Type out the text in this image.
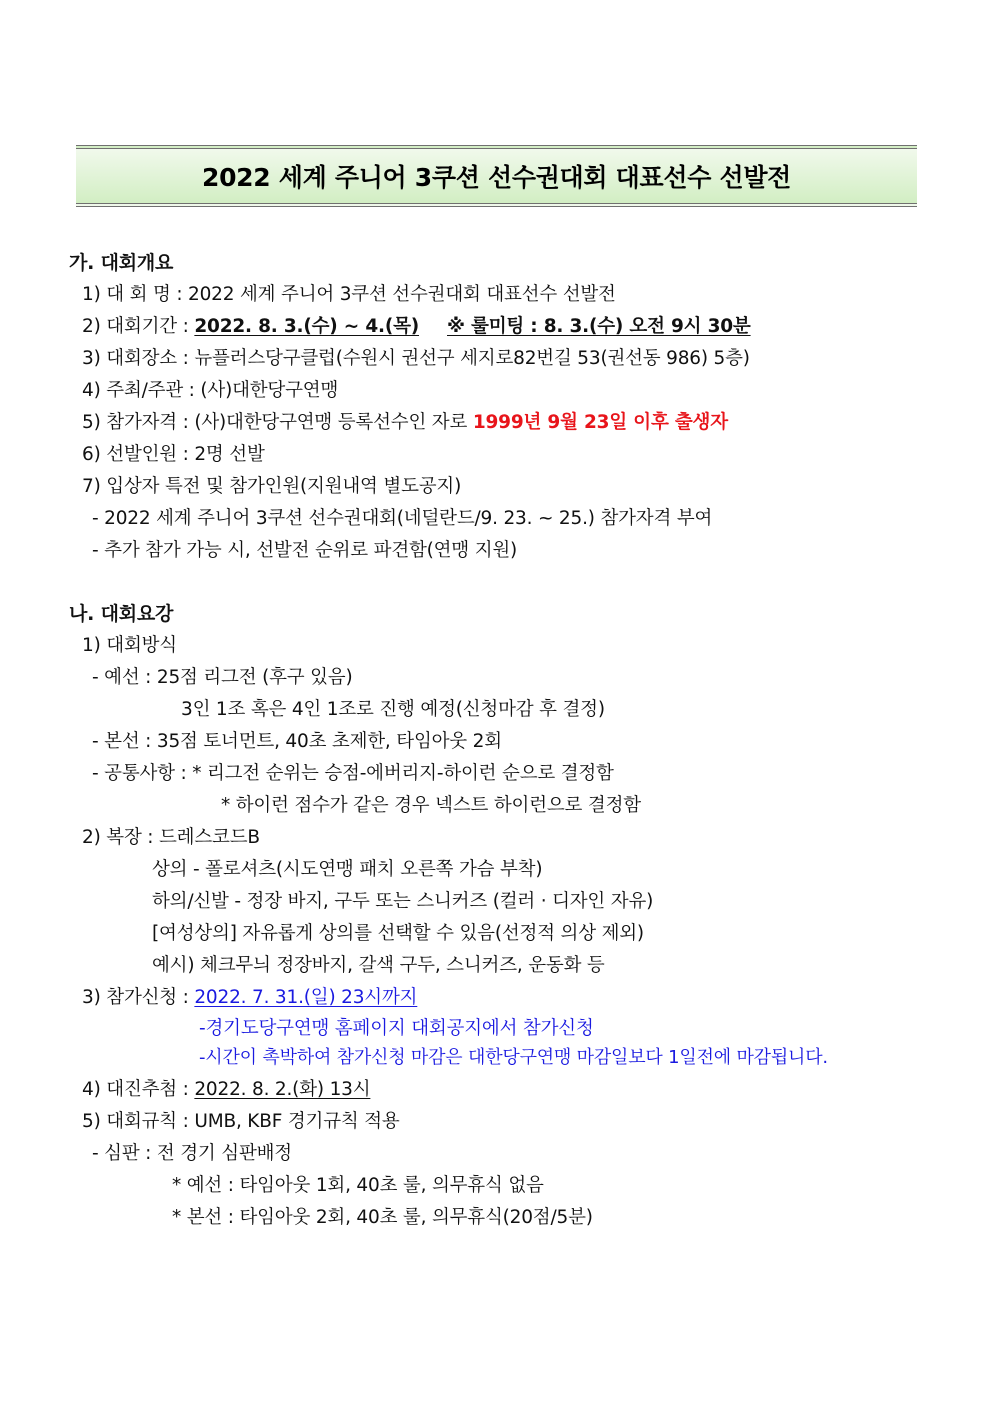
2022 세계 주니어 3쿠션 선수권대회 대표선수 선발전
가. 대회개요
1) 대 회 명 : 2022 세계 주니어 3쿠션 선수권대회 대표선수 선발전
2) 대회기간 : 2022. 8. 3.(수) ~ 4.(목) ※ 룰미팅 : 8. 3.(수) 오전 9시 30분
3) 대회장소 : 뉴플러스당구클럽(수원시 권선구 세지로82번길 53(권선동 986) 5층)
4) 주최/주관 : (사)대한당구연맹
5) 참가자격 : (사)대한당구연맹 등록선수인 자로 1999년 9월 23일 이후 출생자
6) 선발인원 : 2명 선발
7) 입상자 특전 및 참가인원(지원내역 별도공지)
- 2022 세계 주니어 3쿠션 선수권대회(네덜란드/9. 23. ~ 25.) 참가자격 부여
- 추가 참가 가능 시, 선발전 순위로 파견함(연맹 지원)
나. 대회요강
1) 대회방식
- 예선 : 25점 리그전 (후구 있음)
3인 1조 혹은 4인 1조로 진행 예정(신청마감 후 결정)
- 본선 : 35점 토너먼트, 40초 초제한, 타임아웃 2회
- 공통사항 : * 리그전 순위는 승점-에버리지-하이런 순으로 결정함
* 하이런 점수가 같은 경우 넥스트 하이런으로 결정함
2) 복장 : 드레스코드B
상의 - 폴로셔츠(시도연맹 패치 오른쪽 가슴 부착)
하의/신발 - 정장 바지, 구두 또는 스니커즈 (컬러 · 디자인 자유)
[여성상의] 자유롭게 상의를 선택할 수 있음(선정적 의상 제외)
예시) 체크무늬 정장바지, 갈색 구두, 스니커즈, 운동화 등
3) 참가신청 : 2022. 7. 31.(일) 23시까지
-경기도당구연맹 홈페이지 대회공지에서 참가신청
-시간이 촉박하여 참가신청 마감은 대한당구연맹 마감일보다 1일전에 마감됩니다.
4) 대진추첨 : 2022. 8. 2.(화) 13시
5) 대회규칙 : UMB, KBF 경기규칙 적용
- 심판 : 전 경기 심판배정
* 예선 : 타임아웃 1회, 40초 룰, 의무휴식 없음
* 본선 : 타임아웃 2회, 40초 룰, 의무휴식(20점/5분)
